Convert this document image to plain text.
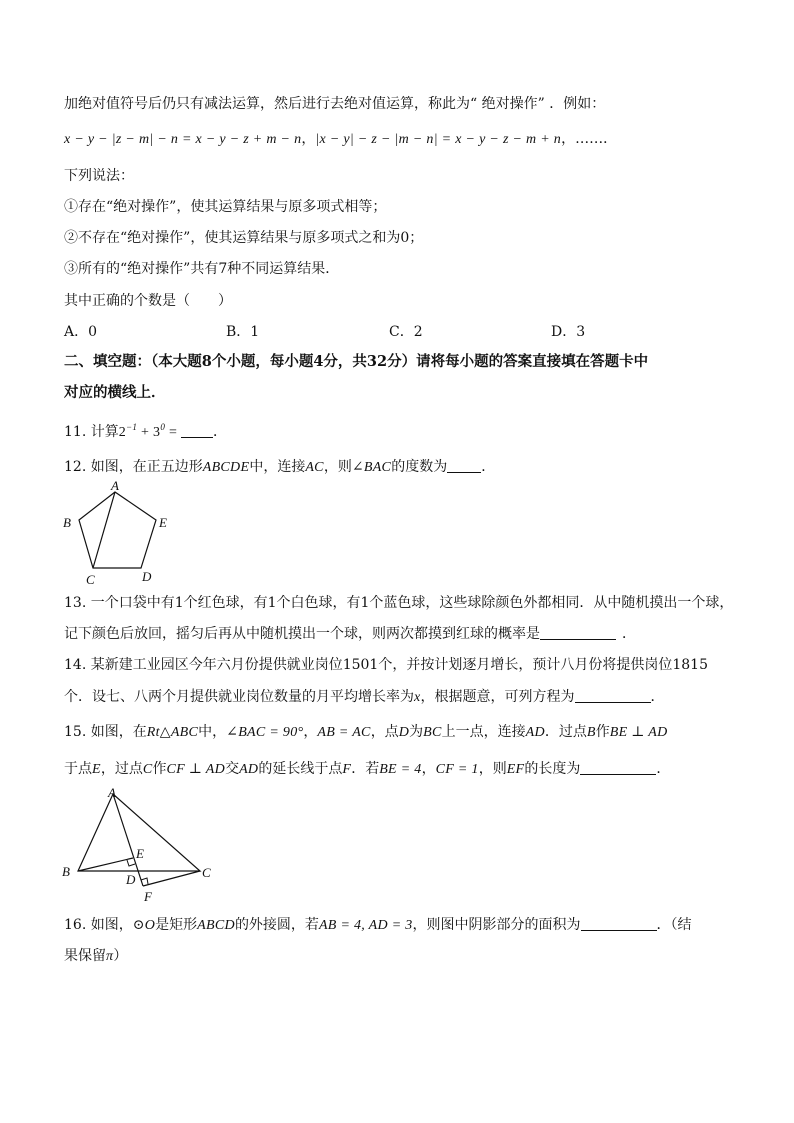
加绝对值符号后仍只有减法运算，然后进行去绝对值运算，称此为“ 绝对操作” ．例如：
x − y − |z − m| − n = x − y − z + m − n，|x − y| − z − |m − n| = x − y − z − m + n，……．
下列说法：
①存在“绝对操作”，使其运算结果与原多项式相等；
②不存在“绝对操作”，使其运算结果与原多项式之和为0；
③所有的“绝对操作”共有7种不同运算结果．
其中正确的个数是（　　）
A．0	B．1	C．2	D．3
二、填空题：（本大题8个小题，每小题4分，共32分）请将每小题的答案直接填在答题卡中
对应的横线上．
11. 计算$2^{-1} + 3^0$ = ．
12. 如图，在正五边形ABCDE中，连接AC，则∠BAC的度数为 ．
A
B
C	D
E
13. 一个口袋中有1个红色球，有1个白色球，有1个蓝色球，这些球除颜色外都相同．从中随机摸出一个球，
记下颜色后放回，摇匀后再从中随机摸出一个球，则两次都摸到红球的概率是	．
14. 某新建工业园区今年六月份提供就业岗位1501个，并按计划逐月增长，预计八月份将提供岗位1815
个．设七、八两个月提供就业岗位数量的月平均增长率为x，根据题意，可列方程为	．
15. 如图，在Rt△ABC中，∠BAC = 90°，AB = AC，点D为BC上一点，连接AD．过点B作BE ⊥ AD
于点E，过点C作CF ⊥ AD交AD的延长线于点F．若BE = 4，CF = 1，则EF的长度为	．
A
B	C
D
E
F
16. 如图，⊙O是矩形ABCD的外接圆，若AB = 4, AD = 3，则图中阴影部分的面积为	．（结
果保留π）
